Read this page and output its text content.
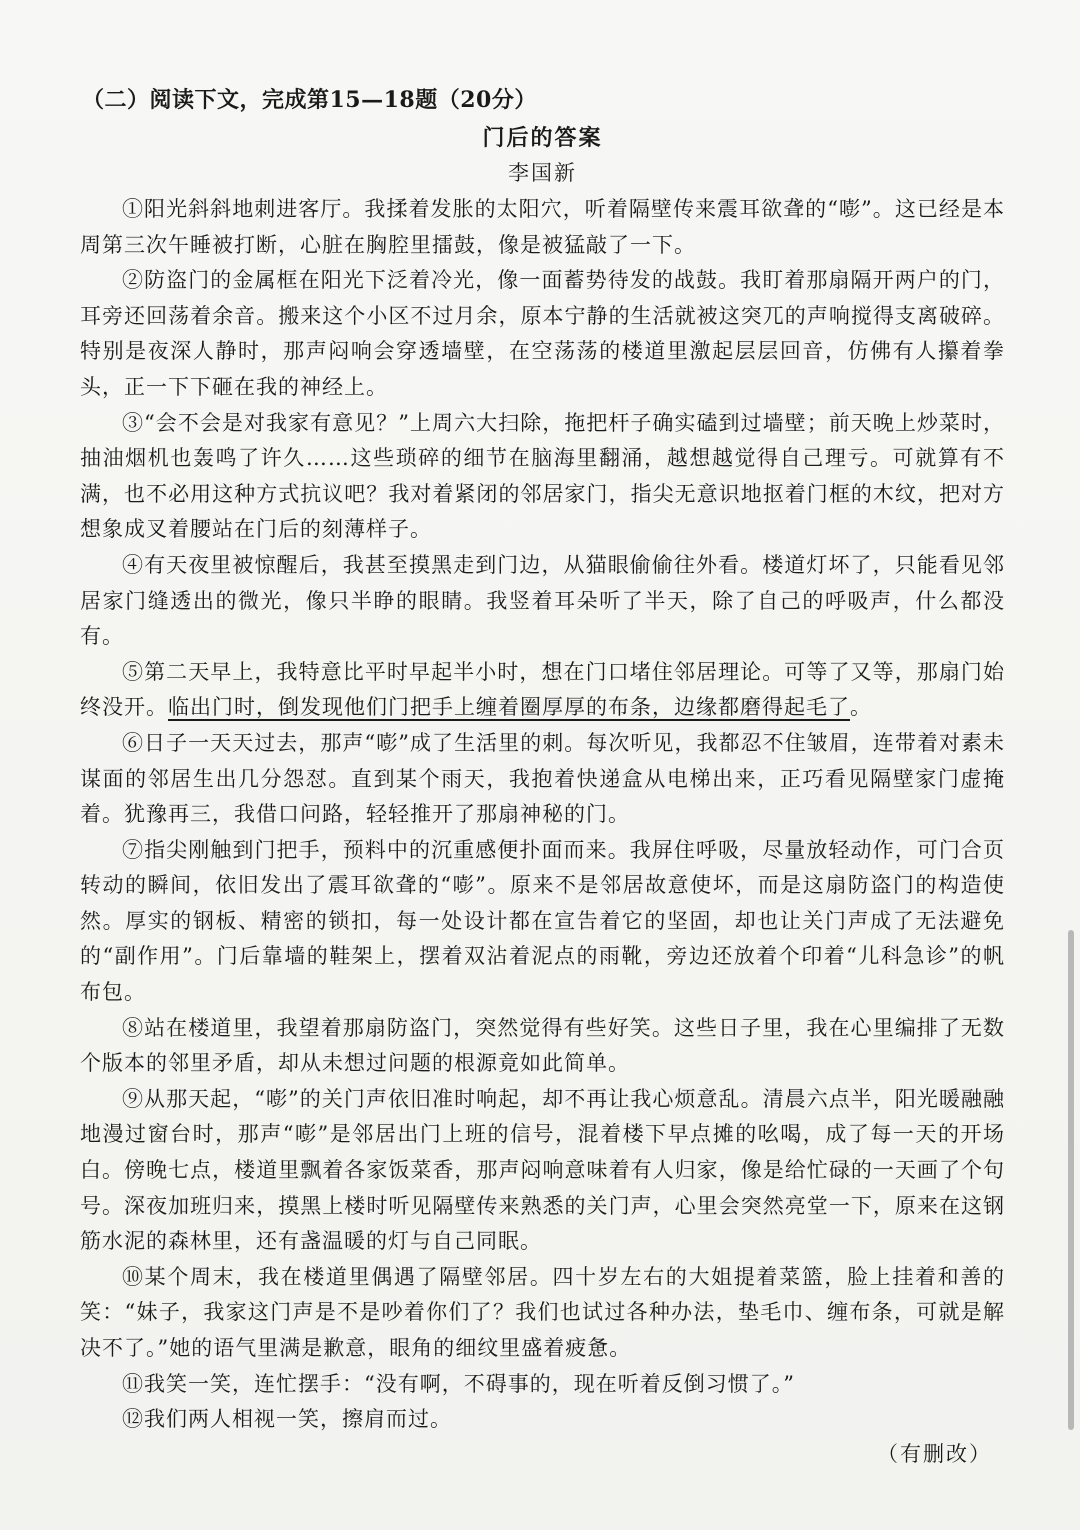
（二）阅读下文，完成第15—18题（20分）
门后的答案
李国新

①阳光斜斜地刺进客厅。我揉着发胀的太阳穴，听着隔壁传来震耳欲聋的“嘭”。这已经是本周第三次午睡被打断，心脏在胸腔里擂鼓，像是被猛敲了一下。

②防盗门的金属框在阳光下泛着冷光，像一面蓄势待发的战鼓。我盯着那扇隔开两户的门，耳旁还回荡着余音。搬来这个小区不过月余，原本宁静的生活就被这突兀的声响搅得支离破碎。特别是夜深人静时，那声闷响会穿透墙壁，在空荡荡的楼道里激起层层回音，仿佛有人攥着拳头，正一下下砸在我的神经上。

③“会不会是对我家有意见？”上周六大扫除，拖把杆子确实磕到过墙壁；前天晚上炒菜时，抽油烟机也轰鸣了许久……这些琐碎的细节在脑海里翻涌，越想越觉得自己理亏。可就算有不满，也不必用这种方式抗议吧？我对着紧闭的邻居家门，指尖无意识地抠着门框的木纹，把对方想象成叉着腰站在门后的刻薄样子。

④有天夜里被惊醒后，我甚至摸黑走到门边，从猫眼偷偷往外看。楼道灯坏了，只能看见邻居家门缝透出的微光，像只半睁的眼睛。我竖着耳朵听了半天，除了自己的呼吸声，什么都没有。

⑤第二天早上，我特意比平时早起半小时，想在门口堵住邻居理论。可等了又等，那扇门始终没开。临出门时，倒发现他们门把手上缠着圈厚厚的布条，边缘都磨得起毛了。

⑥日子一天天过去，那声“嘭”成了生活里的刺。每次听见，我都忍不住皱眉，连带着对素未谋面的邻居生出几分怨怼。直到某个雨天，我抱着快递盒从电梯出来，正巧看见隔壁家门虚掩着。犹豫再三，我借口问路，轻轻推开了那扇神秘的门。

⑦指尖刚触到门把手，预料中的沉重感便扑面而来。我屏住呼吸，尽量放轻动作，可门合页转动的瞬间，依旧发出了震耳欲聋的“嘭”。原来不是邻居故意使坏，而是这扇防盗门的构造使然。厚实的钢板、精密的锁扣，每一处设计都在宣告着它的坚固，却也让关门声成了无法避免的“副作用”。门后靠墙的鞋架上，摆着双沾着泥点的雨靴，旁边还放着个印着“儿科急诊”的帆布包。

⑧站在楼道里，我望着那扇防盗门，突然觉得有些好笑。这些日子里，我在心里编排了无数个版本的邻里矛盾，却从未想过问题的根源竟如此简单。

⑨从那天起，“嘭”的关门声依旧准时响起，却不再让我心烦意乱。清晨六点半，阳光暖融融地漫过窗台时，那声“嘭”是邻居出门上班的信号，混着楼下早点摊的吆喝，成了每一天的开场白。傍晚七点，楼道里飘着各家饭菜香，那声闷响意味着有人归家，像是给忙碌的一天画了个句号。深夜加班归来，摸黑上楼时听见隔壁传来熟悉的关门声，心里会突然亮堂一下，原来在这钢筋水泥的森林里，还有盏温暖的灯与自己同眠。

⑩某个周末，我在楼道里偶遇了隔壁邻居。四十岁左右的大姐提着菜篮，脸上挂着和善的笑：“妹子，我家这门声是不是吵着你们了？我们也试过各种办法，垫毛巾、缠布条，可就是解决不了。”她的语气里满是歉意，眼角的细纹里盛着疲惫。

⑪我笑一笑，连忙摆手：“没有啊，不碍事的，现在听着反倒习惯了。”

⑫我们两人相视一笑，擦肩而过。

（有删改）
